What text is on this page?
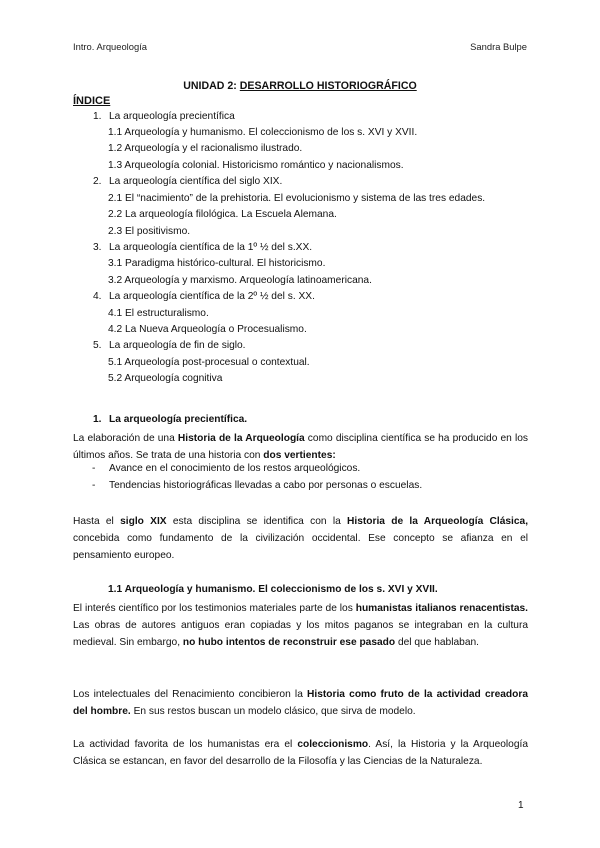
Intro. Arqueología	Sandra Bulpe
UNIDAD 2: DESARROLLO HISTORIOGRÁFICO
ÍNDICE
1. La arqueología precientífica
1.1 Arqueología y humanismo. El coleccionismo de los s. XVI y XVII.
1.2 Arqueología y el racionalismo ilustrado.
1.3 Arqueología colonial. Historicismo romántico y nacionalismos.
2. La arqueología científica del siglo XIX.
2.1 El “nacimiento” de la prehistoria. El evolucionismo y sistema de las tres edades.
2.2 La arqueología filológica. La Escuela Alemana.
2.3 El positivismo.
3. La arqueología científica de la 1º ½ del s.XX.
3.1 Paradigma histórico-cultural. El historicismo.
3.2 Arqueología y marxismo. Arqueología latinoamericana.
4. La arqueología científica de la 2º ½ del s. XX.
4.1 El estructuralismo.
4.2 La Nueva Arqueología o Procesualismo.
5. La arqueología de fin de siglo.
5.1 Arqueología post-procesual o contextual.
5.2 Arqueología cognitiva
1. La arqueología precientífica.
La elaboración de una Historia de la Arqueología como disciplina científica se ha producido en los últimos años. Se trata de una historia con dos vertientes:
- Avance en el conocimiento de los restos arqueológicos.
- Tendencias historiográficas llevadas a cabo por personas o escuelas.
Hasta el siglo XIX esta disciplina se identifica con la Historia de la Arqueología Clásica, concebida como fundamento de la civilización occidental. Ese concepto se afianza en el pensamiento europeo.
1.1 Arqueología y humanismo. El coleccionismo de los s. XVI y XVII.
El interés científico por los testimonios materiales parte de los humanistas italianos renacentistas. Las obras de autores antiguos eran copiadas y los mitos paganos se integraban en la cultura medieval. Sin embargo, no hubo intentos de reconstruir ese pasado del que hablaban.
Los intelectuales del Renacimiento concibieron la Historia como fruto de la actividad creadora del hombre. En sus restos buscan un modelo clásico, que sirva de modelo.
La actividad favorita de los humanistas era el coleccionismo. Así, la Historia y la Arqueología Clásica se estancan, en favor del desarrollo de la Filosofía y las Ciencias de la Naturaleza.
1
